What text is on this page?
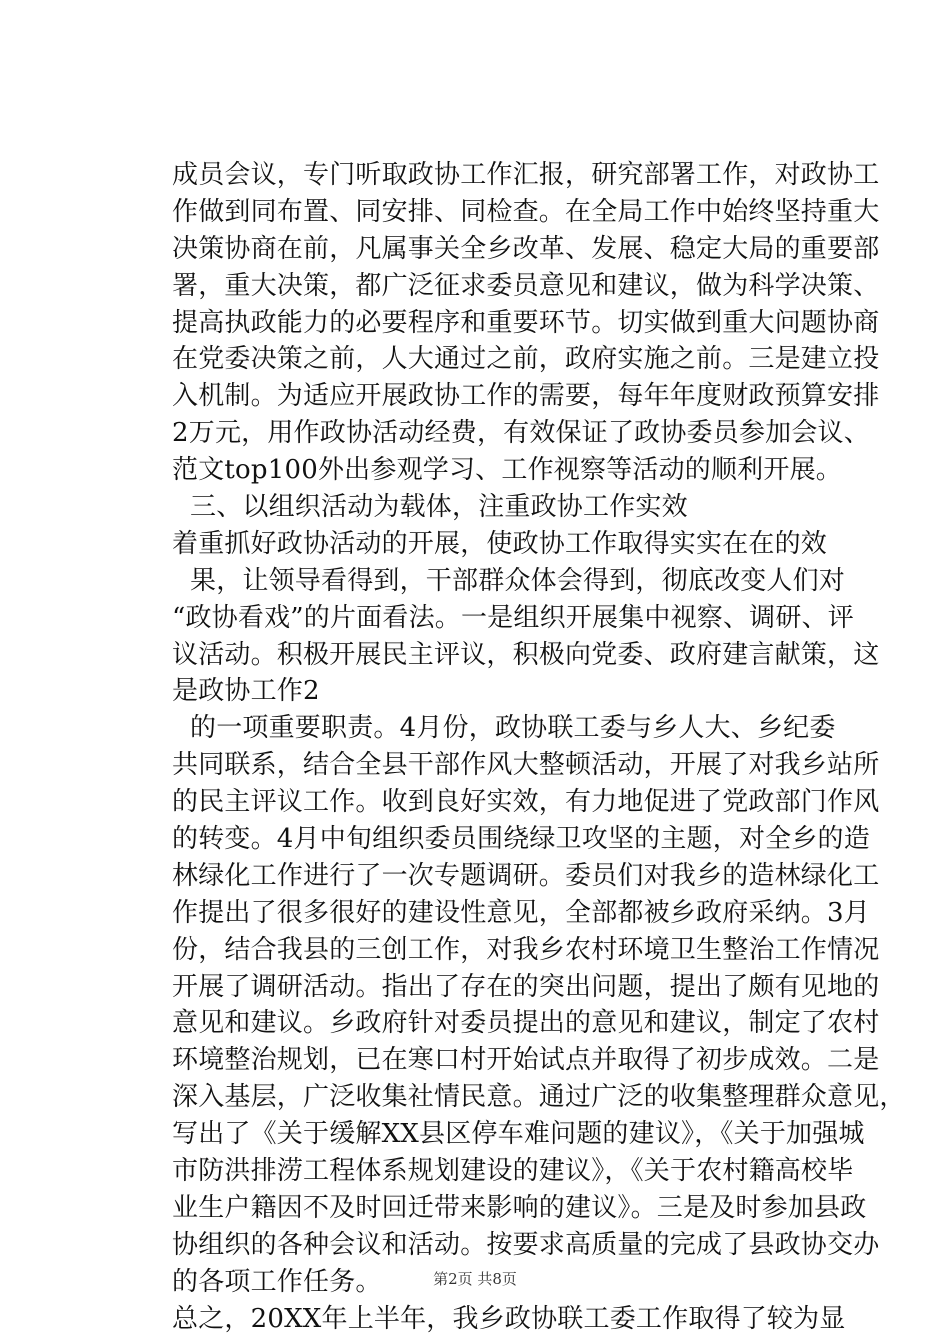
成员会议，专门听取政协工作汇报，研究部署工作，对政协工
作做到同布置、同安排、同检查。在全局工作中始终坚持重大
决策协商在前，凡属事关全乡改革、发展、稳定大局的重要部
署，重大决策，都广泛征求委员意见和建议，做为科学决策、
提高执政能力的必要程序和重要环节。切实做到重大问题协商
在党委决策之前，人大通过之前，政府实施之前。三是建立投
入机制。为适应开展政协工作的需要，每年年度财政预算安排
2万元，用作政协活动经费，有效保证了政协委员参加会议、
范文top100外出参观学习、工作视察等活动的顺利开展。
三、以组织活动为载体，注重政协工作实效
着重抓好政协活动的开展，使政协工作取得实实在在的效
果，让领导看得到，干部群众体会得到，彻底改变人们对
“政协看戏”的片面看法。一是组织开展集中视察、调研、评
议活动。积极开展民主评议，积极向党委、政府建言献策，这
是政协工作2
的一项重要职责。4月份，政协联工委与乡人大、乡纪委
共同联系，结合全县干部作风大整顿活动，开展了对我乡站所
的民主评议工作。收到良好实效，有力地促进了党政部门作风
的转变。4月中旬组织委员围绕绿卫攻坚的主题，对全乡的造
林绿化工作进行了一次专题调研。委员们对我乡的造林绿化工
作提出了很多很好的建设性意见，全部都被乡政府采纳。3月
份，结合我县的三创工作，对我乡农村环境卫生整治工作情况
开展了调研活动。指出了存在的突出问题，提出了颇有见地的
意见和建议。乡政府针对委员提出的意见和建议，制定了农村
环境整治规划，已在寒口村开始试点并取得了初步成效。二是
深入基层，广泛收集社情民意。通过广泛的收集整理群众意见，
写出了《关于缓解XX县区停车难问题的建议》，《关于加强城
市防洪排涝工程体系规划建设的建议》，《关于农村籍高校毕
业生户籍因不及时回迁带来影响的建议》。三是及时参加县政
协组织的各种会议和活动。按要求高质量的完成了县政协交办
的各项工作任务。
总之，20XX年上半年，我乡政协联工委工作取得了较为显
第2页 共8页
